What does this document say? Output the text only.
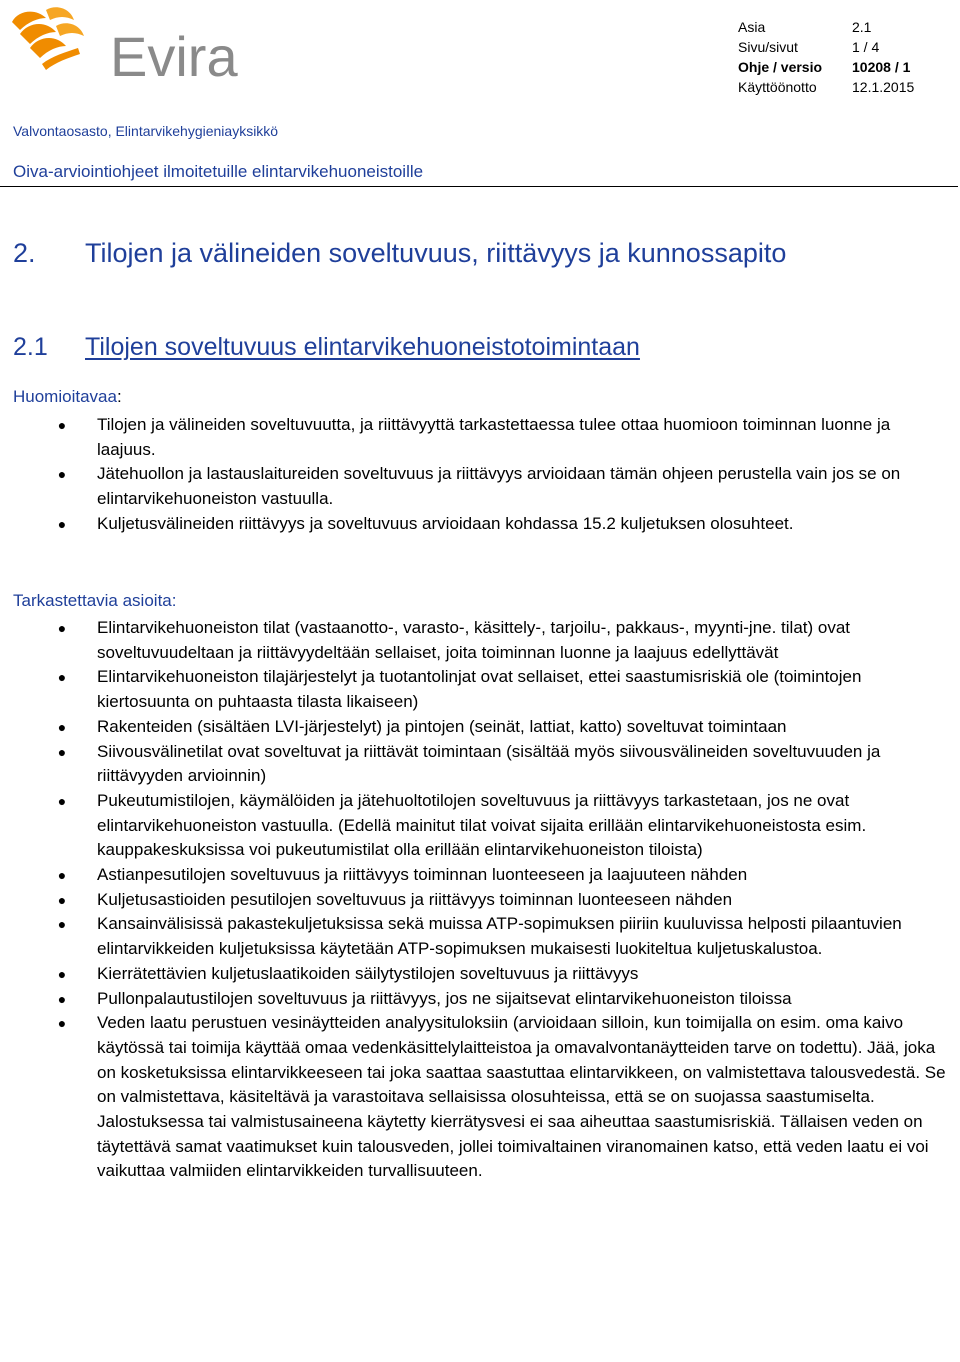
Evira	Asia	2.1
Sivu/sivut	1 / 4
Ohje / versio	10208 / 1
Käyttöönotto	12.1.2015
Valvontaosasto, Elintarvikehygieniayksikkö
Oiva-arviointiohjeet ilmoitetuille elintarvikehuoneistoille
2. Tilojen ja välineiden soveltuvuus, riittävyys ja kunnossapito
2.1 Tilojen soveltuvuus elintarvikehuoneistotoimintaan
Huomioitavaa:
●	Tilojen ja välineiden soveltuvuutta, ja riittävyyttä tarkastettaessa tulee ottaa huomioon toiminnan luonne ja laajuus.
●	Jätehuollon ja lastauslaitureiden soveltuvuus ja riittävyys arvioidaan tämän ohjeen perustella vain jos se on elintarvikehuoneiston vastuulla.
●	Kuljetusvälineiden riittävyys ja soveltuvuus arvioidaan kohdassa 15.2 kuljetuksen olosuhteet.
Tarkastettavia asioita:
●	Elintarvikehuoneiston tilat (vastaanotto-, varasto-, käsittely-, tarjoilu-, pakkaus-, myynti-jne. tilat) ovat soveltuvuudeltaan ja riittävyydeltään sellaiset, joita toiminnan luonne ja laajuus edellyttävät
●	Elintarvikehuoneiston tilajärjestelyt ja tuotantolinjat ovat sellaiset, ettei saastumisriskiä ole (toimintojen kiertosuunta on puhtaasta tilasta likaiseen)
●	Rakenteiden (sisältäen LVI-järjestelyt) ja pintojen (seinät, lattiat, katto) soveltuvat toimintaan
●	Siivousvälinetilat ovat soveltuvat ja riittävät toimintaan (sisältää myös siivousvälineiden soveltuvuuden ja riittävyyden arvioinnin)
●	Pukeutumistilojen, käymälöiden ja jätehuoltotilojen soveltuvuus ja riittävyys tarkastetaan, jos ne ovat elintarvikehuoneiston vastuulla. (Edellä mainitut tilat voivat sijaita erillään elintarvikehuoneistosta esim. kauppakeskuksissa voi pukeutumistilat olla erillään elintarvikehuoneiston tiloista)
●	Astianpesutilojen soveltuvuus ja riittävyys toiminnan luonteeseen ja laajuuteen nähden
●	Kuljetusastioiden pesutilojen soveltuvuus ja riittävyys toiminnan luonteeseen nähden
●	Kansainvälisissä pakastekuljetuksissa sekä muissa ATP-sopimuksen piiriin kuuluvissa helposti pilaantuvien elintarvikkeiden kuljetuksissa käytetään ATP-sopimuksen mukaisesti luokiteltua kuljetuskalustoa.
●	Kierrätettävien kuljetuslaatikoiden säilytystilojen soveltuvuus ja riittävyys
●	Pullonpalautustilojen soveltuvuus ja riittävyys, jos ne sijaitsevat elintarvikehuoneiston tiloissa
●	Veden laatu perustuen vesinäytteiden analyysituloksiin (arvioidaan silloin, kun toimijalla on esim. oma kaivo käytössä tai toimija käyttää omaa vedenkäsittelylaitteistoa ja omavalvontanäytteiden tarve on todettu). Jää, joka on kosketuksissa elintarvikkeeseen tai joka saattaa saastuttaa elintarvikkeen, on valmistettava talousvedestä. Se on valmistettava, käsiteltävä ja varastoitava sellaisissa olosuhteissa, että se on suojassa saastumiselta. Jalostuksessa tai valmistusaineena käytetty kierrätysvesi ei saa aiheuttaa saastumisriskiä. Tällaisen veden on täytettävä samat vaatimukset kuin talousveden, jollei toimivaltainen viranomainen katso, että veden laatu ei voi vaikuttaa valmiiden elintarvikkeiden turvallisuuteen.
